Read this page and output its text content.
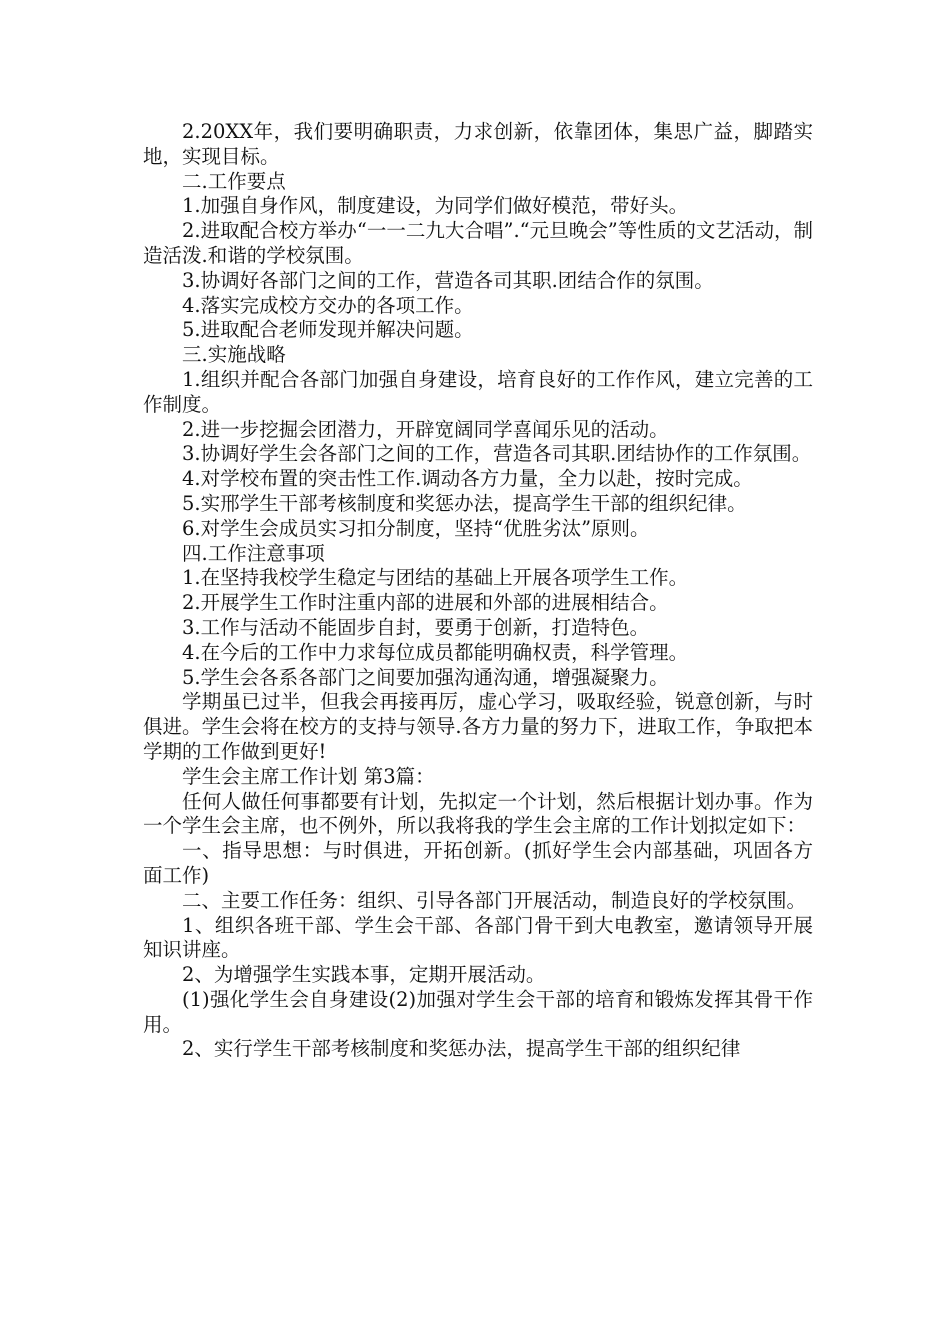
2.20XX年，我们要明确职责，力求创新，依靠团体，集思广益，脚踏实地，实现目标。

二.工作要点

1.加强自身作风，制度建设，为同学们做好模范，带好头。

2.进取配合校方举办“一一二九大合唱”.“元旦晚会”等性质的文艺活动，制造活泼.和谐的学校氛围。

3.协调好各部门之间的工作，营造各司其职.团结合作的氛围。

4.落实完成校方交办的各项工作。

5.进取配合老师发现并解决问题。

三.实施战略

1.组织并配合各部门加强自身建设，培育良好的工作作风，建立完善的工作制度。

2.进一步挖掘会团潜力，开辟宽阔同学喜闻乐见的活动。

3.协调好学生会各部门之间的工作，营造各司其职.团结协作的工作氛围。

4.对学校布置的突击性工作.调动各方力量，全力以赴，按时完成。

5.实邢学生干部考核制度和奖惩办法，提高学生干部的组织纪律。

6.对学生会成员实习扣分制度，坚持“优胜劣汰”原则。

四.工作注意事项

1.在坚持我校学生稳定与团结的基础上开展各项学生工作。

2.开展学生工作时注重内部的进展和外部的进展相结合。

3.工作与活动不能固步自封，要勇于创新，打造特色。

4.在今后的工作中力求每位成员都能明确权责，科学管理。

5.学生会各系各部门之间要加强沟通沟通，增强凝聚力。

学期虽已过半，但我会再接再厉，虚心学习，吸取经验，锐意创新，与时俱进。学生会将在校方的支持与领导.各方力量的努力下，进取工作，争取把本学期的工作做到更好!

学生会主席工作计划 第3篇：

任何人做任何事都要有计划，先拟定一个计划，然后根据计划办事。作为一个学生会主席，也不例外，所以我将我的学生会主席的工作计划拟定如下：

一、指导思想：与时俱进，开拓创新。(抓好学生会内部基础，巩固各方面工作)

二、主要工作任务：组织、引导各部门开展活动，制造良好的学校氛围。

1、组织各班干部、学生会干部、各部门骨干到大电教室，邀请领导开展知识讲座。

2、为增强学生实践本事，定期开展活动。

(1)强化学生会自身建设(2)加强对学生会干部的培育和锻炼发挥其骨干作用。

2、实行学生干部考核制度和奖惩办法，提高学生干部的组织纪律
